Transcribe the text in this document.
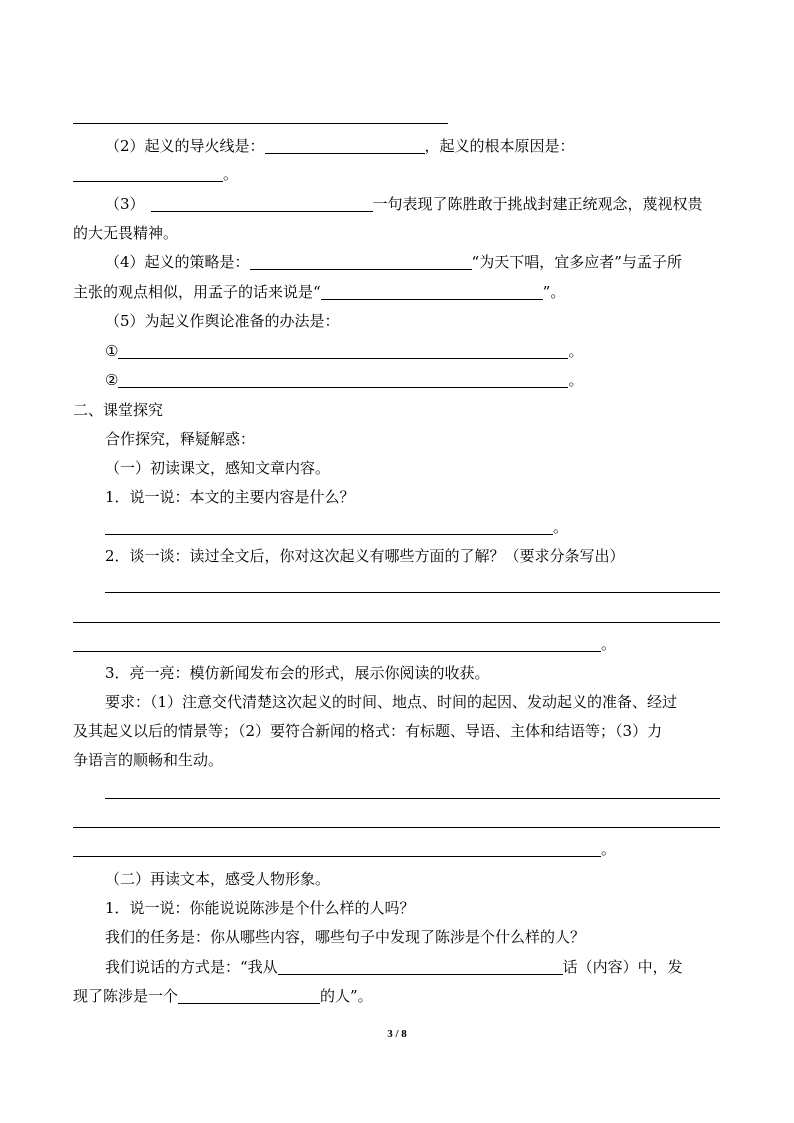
（2）起义的导火线是：	，起义的根本原因是：
。
（3）	一句表现了陈胜敢于挑战封建正统观念，蔑视权贵
的大无畏精神。
（4）起义的策略是：	“为天下唱，宜多应者”与孟子所
主张的观点相似，用孟子的话来说是“	”。
（5）为起义作舆论准备的办法是：
①	。
②	。
二、课堂探究
合作探究，释疑解惑：
（一）初读课文，感知文章内容。
1．说一说：本文的主要内容是什么？
。
2．谈一谈：读过全文后，你对这次起义有哪些方面的了解？（要求分条写出）
。
3．亮一亮：模仿新闻发布会的形式，展示你阅读的收获。
要求：（1）注意交代清楚这次起义的时间、地点、时间的起因、发动起义的准备、经过
及其起义以后的情景等；（2）要符合新闻的格式：有标题、导语、主体和结语等；（3）力
争语言的顺畅和生动。
。
（二）再读文本，感受人物形象。
1．说一说：你能说说陈涉是个什么样的人吗？
我们的任务是：你从哪些内容，哪些句子中发现了陈涉是个什么样的人？
我们说话的方式是：“我从	话（内容）中，发
现了陈涉是一个	的人”。
3 / 8
